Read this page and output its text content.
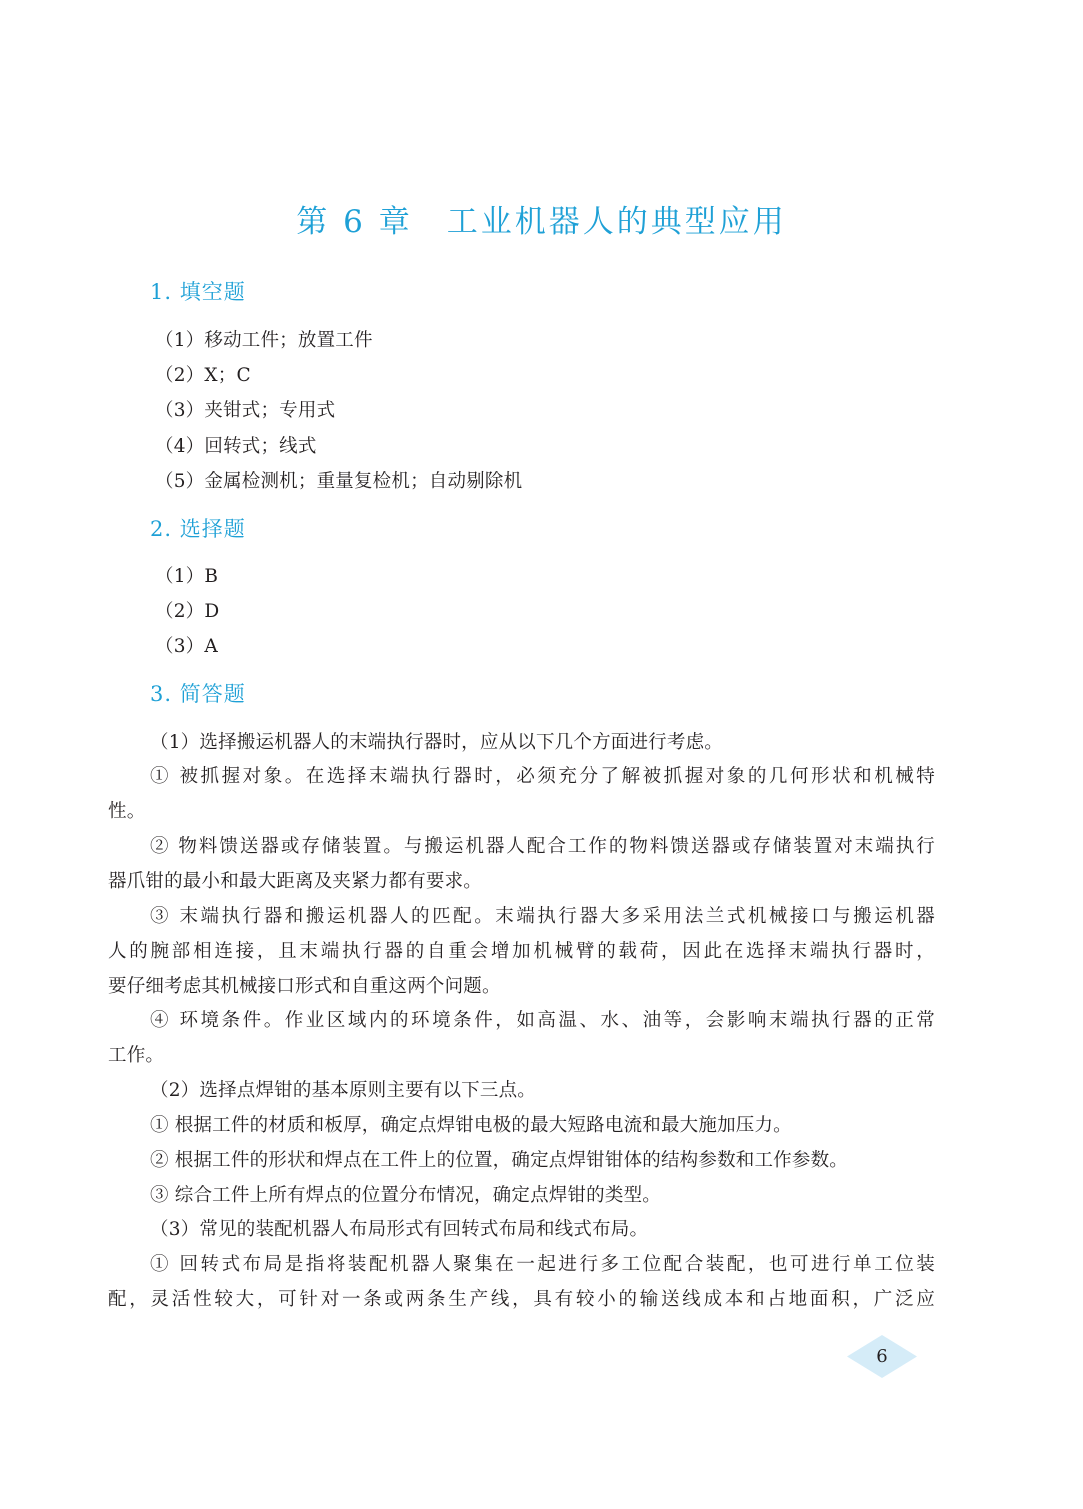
第 6 章　工业机器人的典型应用
1. 填空题
（1）移动工件；放置工件
（2）X；C
（3）夹钳式；专用式
（4）回转式；线式
（5）金属检测机；重量复检机；自动剔除机
2. 选择题
（1）B
（2）D
（3）A
3. 简答题
（1）选择搬运机器人的末端执行器时，应从以下几个方面进行考虑。
① 被抓握对象。在选择末端执行器时，必须充分了解被抓握对象的几何形状和机械特
性。
② 物料馈送器或存储装置。与搬运机器人配合工作的物料馈送器或存储装置对末端执行
器爪钳的最小和最大距离及夹紧力都有要求。
③ 末端执行器和搬运机器人的匹配。末端执行器大多采用法兰式机械接口与搬运机器
人的腕部相连接，且末端执行器的自重会增加机械臂的载荷，因此在选择末端执行器时，
要仔细考虑其机械接口形式和自重这两个问题。
④ 环境条件。作业区域内的环境条件，如高温、水、油等，会影响末端执行器的正常
工作。
（2）选择点焊钳的基本原则主要有以下三点。
① 根据工件的材质和板厚，确定点焊钳电极的最大短路电流和最大施加压力。
② 根据工件的形状和焊点在工件上的位置，确定点焊钳钳体的结构参数和工作参数。
③ 综合工件上所有焊点的位置分布情况，确定点焊钳的类型。
（3）常见的装配机器人布局形式有回转式布局和线式布局。
① 回转式布局是指将装配机器人聚集在一起进行多工位配合装配，也可进行单工位装
配，灵活性较大，可针对一条或两条生产线，具有较小的输送线成本和占地面积，广泛应
6
